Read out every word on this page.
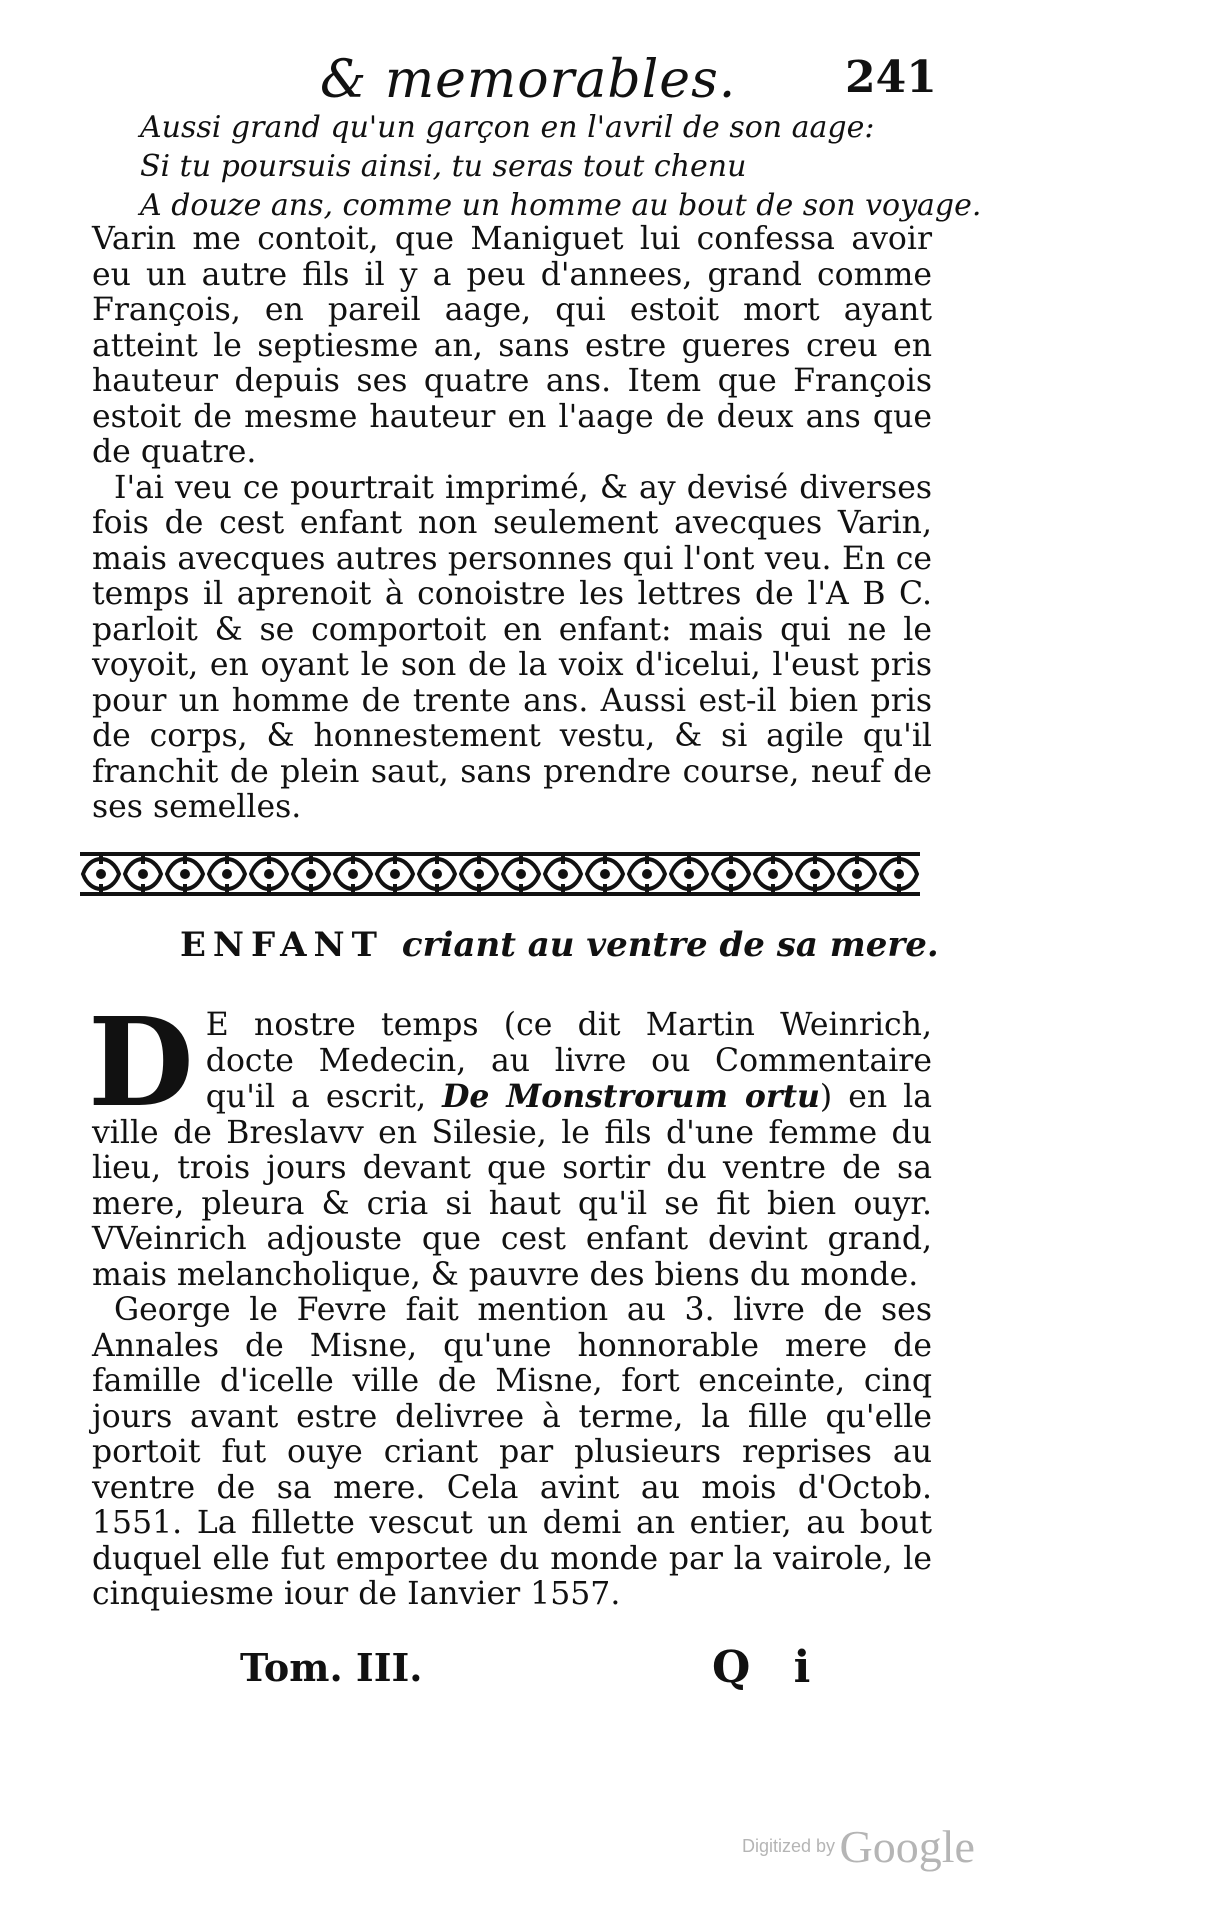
& memorables. 241
Aussi grand qu'un garçon en l'avril de son aage:
Si tu poursuis ainsi, tu seras tout chenu
A douze ans, comme un homme au bout de son voyage.

Varin me contoit, que Maniguet lui confessa avoir eu un autre fils il y a peu d'annees, grand comme François, en pareil aage, qui estoit mort ayant atteint le septiesme an, sans estre gueres creu en hauteur depuis ses quatre ans. Item que François estoit de mesme hauteur en l'aage de deux ans que de quatre.

I'ai veu ce pourtrait imprimé, & ay devisé diverses fois de cest enfant non seulement avecques Varin, mais avecques autres personnes qui l'ont veu. En ce temps il aprenoit à conoistre les lettres de l'A B C. parloit & se comportoit en enfant: mais qui ne le voyoit, en oyant le son de la voix d'icelui, l'eust pris pour un homme de trente ans. Aussi est-il bien pris de corps, & honnestement vestu, & si agile qu'il franchit de plein saut, sans prendre course, neuf de ses semelles.

ENFANT criant au ventre de sa mere.

D E nostre temps (ce dit Martin Weinrich, docte Medecin, au livre ou Commentaire qu'il a escrit, De Monstrorum ortu) en la ville de Breslavv en Silesie, le fils d'une femme du lieu, trois jours devant que sortir du ventre de sa mere, pleura & cria si haut qu'il se fit bien ouyr. VVeinrich adjouste que cest enfant devint grand, mais melancholique, & pauvre des biens du monde.

George le Fevre fait mention au 3. livre de ses Annales de Misne, qu'une honnorable mere de famille d'icelle ville de Misne, fort enceinte, cinq jours avant estre delivree à terme, la fille qu'elle portoit fut ouye criant par plusieurs reprises au ventre de sa mere. Cela avint au mois d'Octob. 1551. La fillette vescut un demi an entier, au bout duquel elle fut emportee du monde par la vairole, le cinquiesme iour de Ianvier 1557.

Tom. III.	Q i
Digitized by Google
